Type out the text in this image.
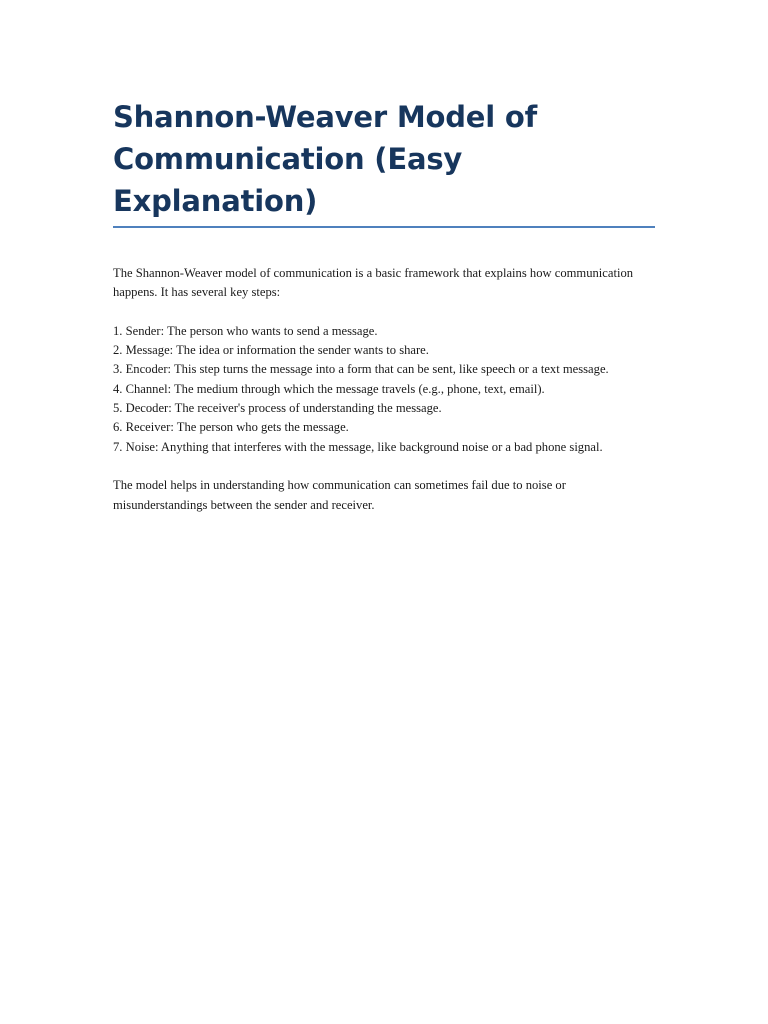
Shannon-Weaver Model of Communication (Easy Explanation)

The Shannon-Weaver model of communication is a basic framework that explains how communication happens. It has several key steps:

1. Sender: The person who wants to send a message.
2. Message: The idea or information the sender wants to share.
3. Encoder: This step turns the message into a form that can be sent, like speech or a text message.
4. Channel: The medium through which the message travels (e.g., phone, text, email).
5. Decoder: The receiver's process of understanding the message.
6. Receiver: The person who gets the message.
7. Noise: Anything that interferes with the message, like background noise or a bad phone signal.

The model helps in understanding how communication can sometimes fail due to noise or misunderstandings between the sender and receiver.
